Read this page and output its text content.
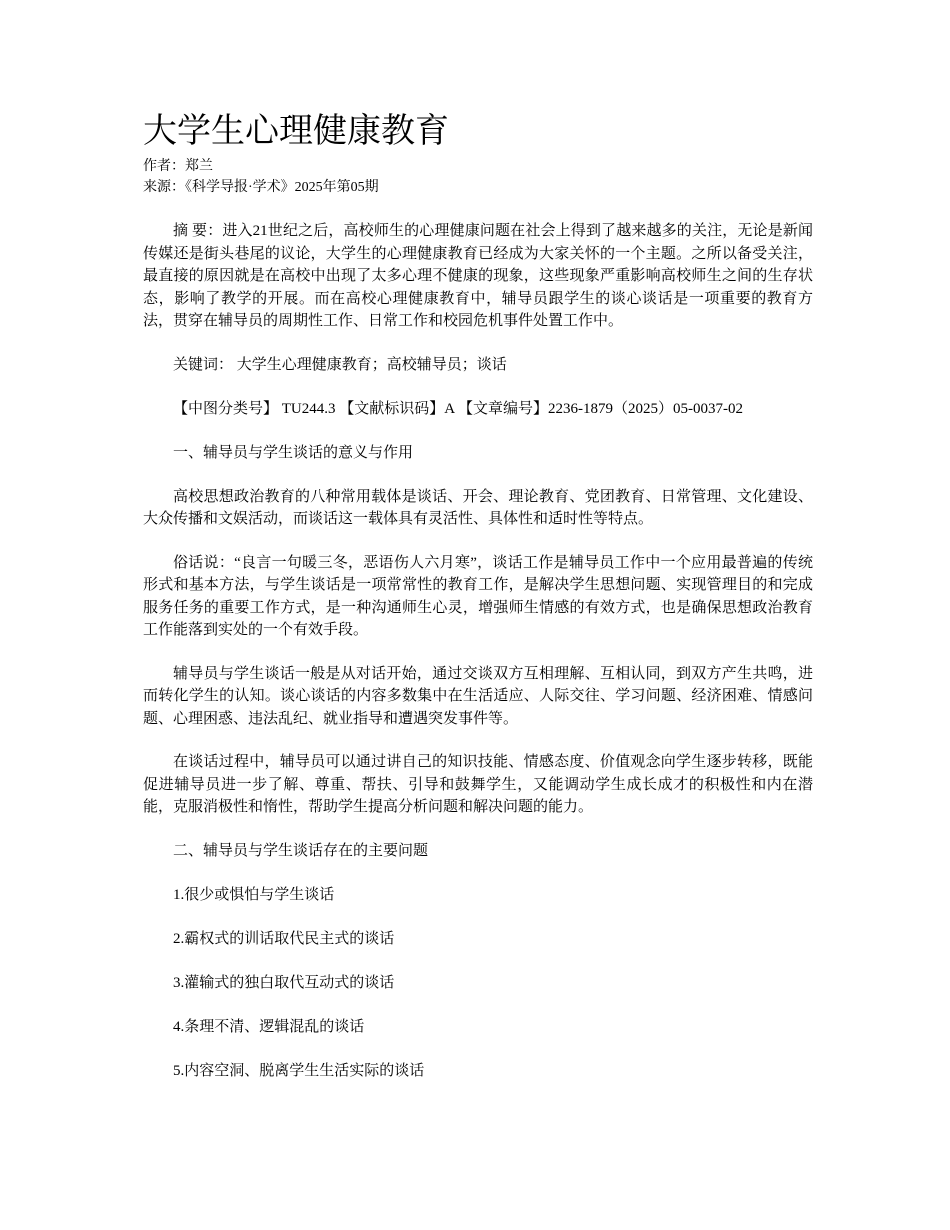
大学生心理健康教育

作者：郑兰

来源：《科学导报·学术》2025年第05期

摘 要：进入21世纪之后，高校师生的心理健康问题在社会上得到了越来越多的关注，无论是新闻传媒还是街头巷尾的议论，大学生的心理健康教育已经成为大家关怀的一个主题。之所以备受关注，最直接的原因就是在高校中出现了太多心理不健康的现象，这些现象严重影响高校师生之间的生存状态，影响了教学的开展。而在高校心理健康教育中，辅导员跟学生的谈心谈话是一项重要的教育方法，贯穿在辅导员的周期性工作、日常工作和校园危机事件处置工作中。

关键词： 大学生心理健康教育；高校辅导员；谈话

【中图分类号】 TU244.3 【文献标识码】A 【文章编号】2236-1879（2025）05-0037-02

一、辅导员与学生谈话的意义与作用

高校思想政治教育的八种常用载体是谈话、开会、理论教育、党团教育、日常管理、文化建设、大众传播和文娱活动，而谈话这一载体具有灵活性、具体性和适时性等特点。

俗话说：“良言一句暖三冬，恶语伤人六月寒”，谈话工作是辅导员工作中一个应用最普遍的传统形式和基本方法，与学生谈话是一项常常性的教育工作，是解决学生思想问题、实现管理目的和完成服务任务的重要工作方式，是一种沟通师生心灵，增强师生情感的有效方式，也是确保思想政治教育工作能落到实处的一个有效手段。

辅导员与学生谈话一般是从对话开始，通过交谈双方互相理解、互相认同，到双方产生共鸣，进而转化学生的认知。谈心谈话的内容多数集中在生活适应、人际交往、学习问题、经济困难、情感问题、心理困惑、违法乱纪、就业指导和遭遇突发事件等。

在谈话过程中，辅导员可以通过讲自己的知识技能、情感态度、价值观念向学生逐步转移，既能促进辅导员进一步了解、尊重、帮扶、引导和鼓舞学生，又能调动学生成长成才的积极性和内在潜能，克服消极性和惰性，帮助学生提高分析问题和解决问题的能力。

二、辅导员与学生谈话存在的主要问题

1.很少或惧怕与学生谈话

2.霸权式的训话取代民主式的谈话

3.灌输式的独白取代互动式的谈话

4.条理不清、逻辑混乱的谈话

5.内容空洞、脱离学生生活实际的谈话
